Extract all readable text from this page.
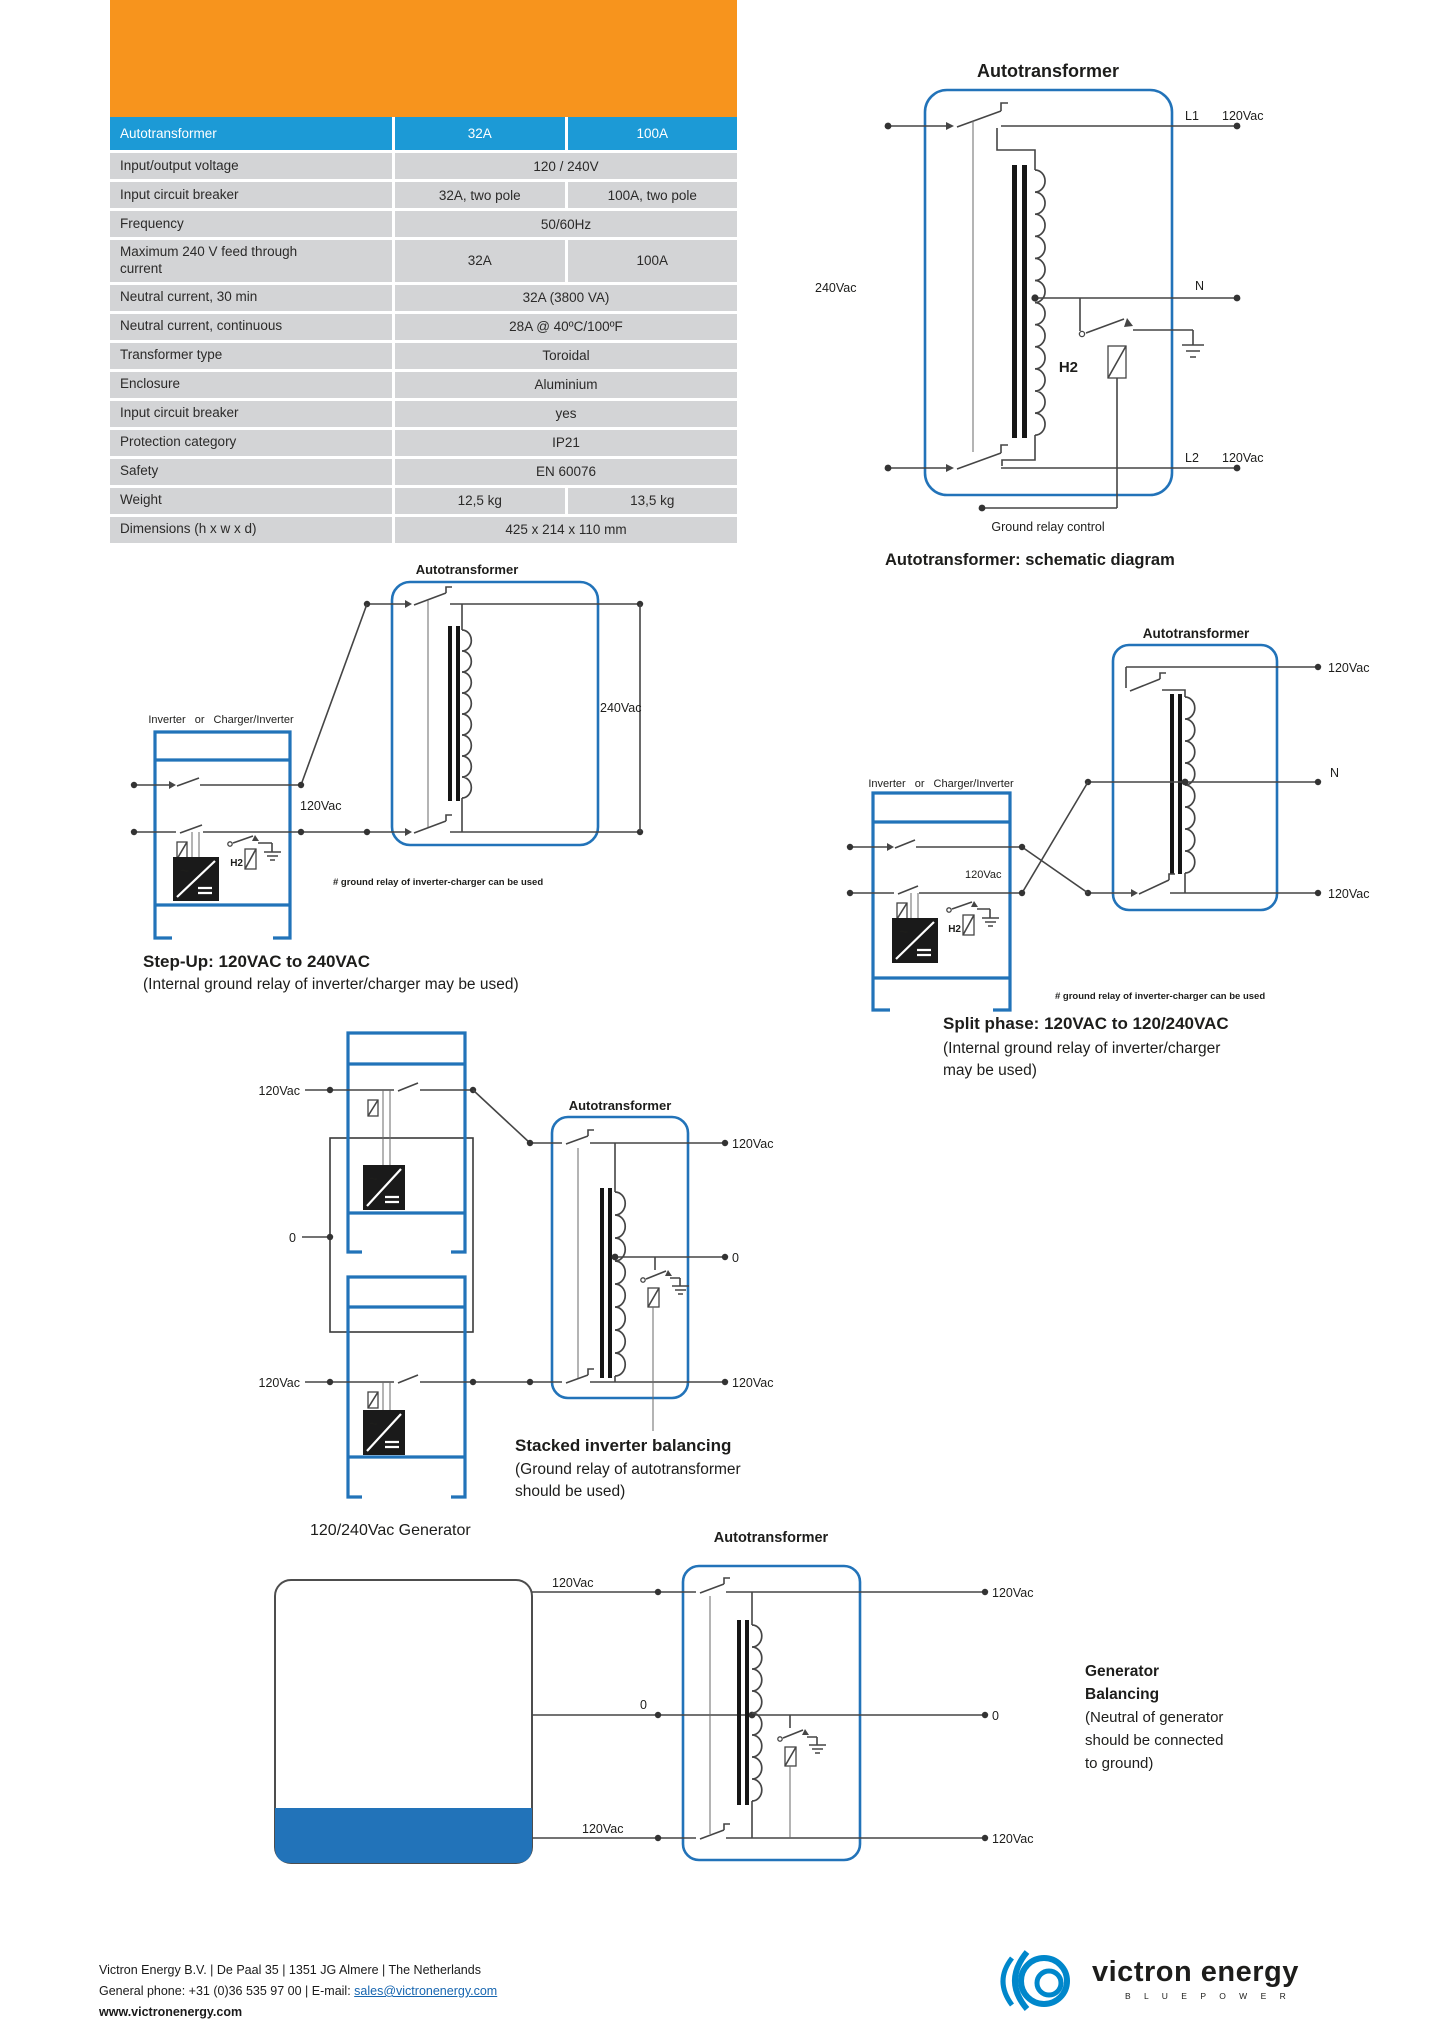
Autotransformer	32A	100A
Input/output voltage	120 / 240V
Input circuit breaker	32A, two pole	100A, two pole
Frequency	50/60Hz
Maximum 240 V feed through current	32A	100A
Neutral current, 30 min	32A (3800 VA)
Neutral current, continuous	28A @ 40ºC/100ºF
Transformer type	Toroidal
Enclosure	Aluminium
Input circuit breaker	yes
Protection category	IP21
Safety	EN 60076
Weight	12,5 kg	13,5 kg
Dimensions (h x w x d)	425 x 214 x 110 mm
Autotransformer
H2
240Vac
L1 120Vac
N
L2 120Vac
Ground relay control
Autotransformer: schematic diagram
Autotransformer
240Vac
Inverter or Charger/Inverter
120Vac
~	H2
# ground relay of inverter-charger can be used
Step-Up: 120VAC to 240VAC
(Internal ground relay of inverter/charger may be used)
Autotransformer
Inverter or Charger/Inverter
120Vac
~	H2
120Vac
N
120Vac
# ground relay of inverter-charger can be used
Split phase: 120VAC to 120/240VAC
(Internal ground relay of inverter/charger
may be used)
Autotransformer
~
~
120Vac
0
120Vac
120Vac
0
120Vac
Stacked inverter balancing
(Ground relay of autotransformer
should be used)
120/240Vac Generator	Autotransformer
120Vac
0
120Vac
120Vac
0
120Vac
Generator
Balancing
(Neutral of generator
should be connected
to ground)
Victron Energy B.V. | De Paal 35 | 1351 JG Almere | The Netherlands
General phone: +31 (0)36 535 97 00 | E-mail: sales@victronenergy.com
www.victronenergy.com
victron energy
B L U E P O W E R
